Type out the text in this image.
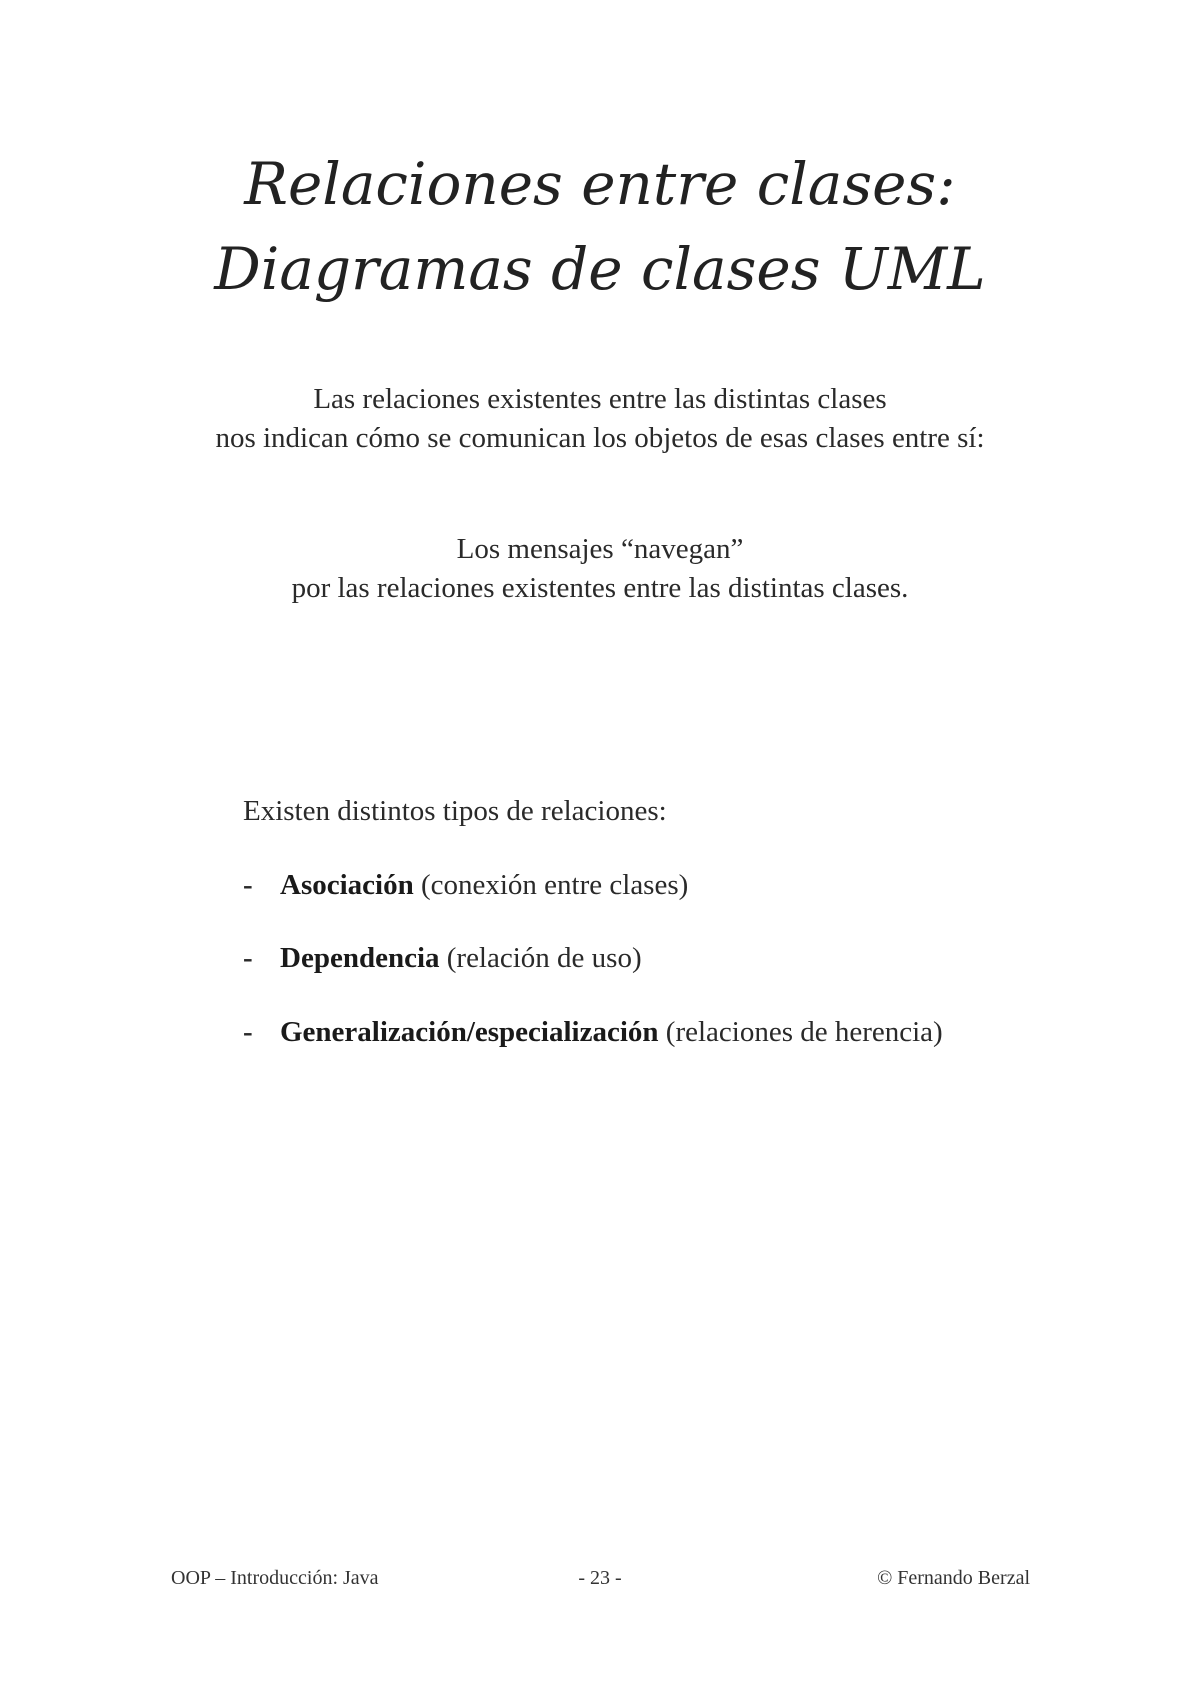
Relaciones entre clases:
Diagramas de clases UML
Las relaciones existentes entre las distintas clases
nos indican cómo se comunican los objetos de esas clases entre sí:
Los mensajes “navegan”
por las relaciones existentes entre las distintas clases.
Existen distintos tipos de relaciones:
- Asociación (conexión entre clases)
- Dependencia (relación de uso)
- Generalización/especialización (relaciones de herencia)
OOP – Introducción: Java	- 23 -	© Fernando Berzal
